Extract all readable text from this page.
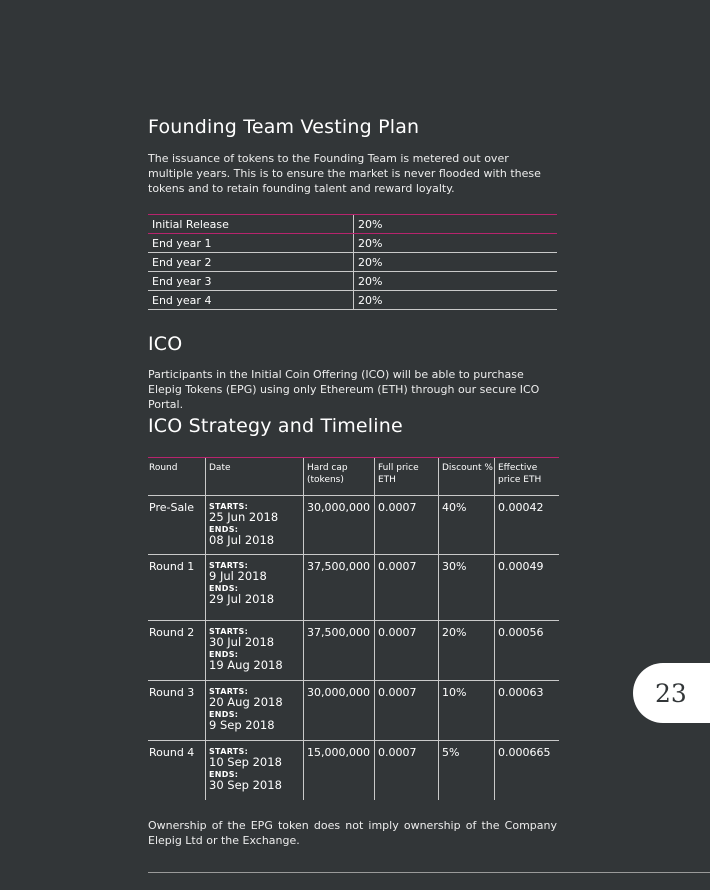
Founding Team Vesting Plan

The issuance of tokens to the Founding Team is metered out over multiple years. This is to ensure the market is never flooded with these tokens and to retain founding talent and reward loyalty.

Initial Release	20%
End year 1	20%
End year 2	20%
End year 3	20%
End year 4	20%
ICO

Participants in the Initial Coin Offering (ICO) will be able to purchase Elepig Tokens (EPG) using only Ethereum (ETH) through our secure ICO Portal.

ICO Strategy and Timeline
Round	Date	Hard cap (tokens)	Full price ETH	Discount %	Effective price ETH
Pre-Sale	STARTS:
25 Jun 2018
ENDS:
08 Jul 2018	30,000,000	0.0007	40%	0.00042
Round 1	STARTS:
9 Jul 2018
ENDS:
29 Jul 2018	37,500,000	0.0007	30%	0.00049
Round 2	STARTS:
30 Jul 2018
ENDS:
19 Aug 2018	37,500,000	0.0007	20%	0.00056
Round 3	STARTS:
20 Aug 2018
ENDS:
9 Sep 2018	30,000,000	0.0007	10%	0.00063
Round 4	STARTS:
10 Sep 2018
ENDS:
30 Sep 2018	15,000,000	0.0007	5%	0.000665

Ownership of the EPG token does not imply ownership of the Company Elepig Ltd or the Exchange.

23
